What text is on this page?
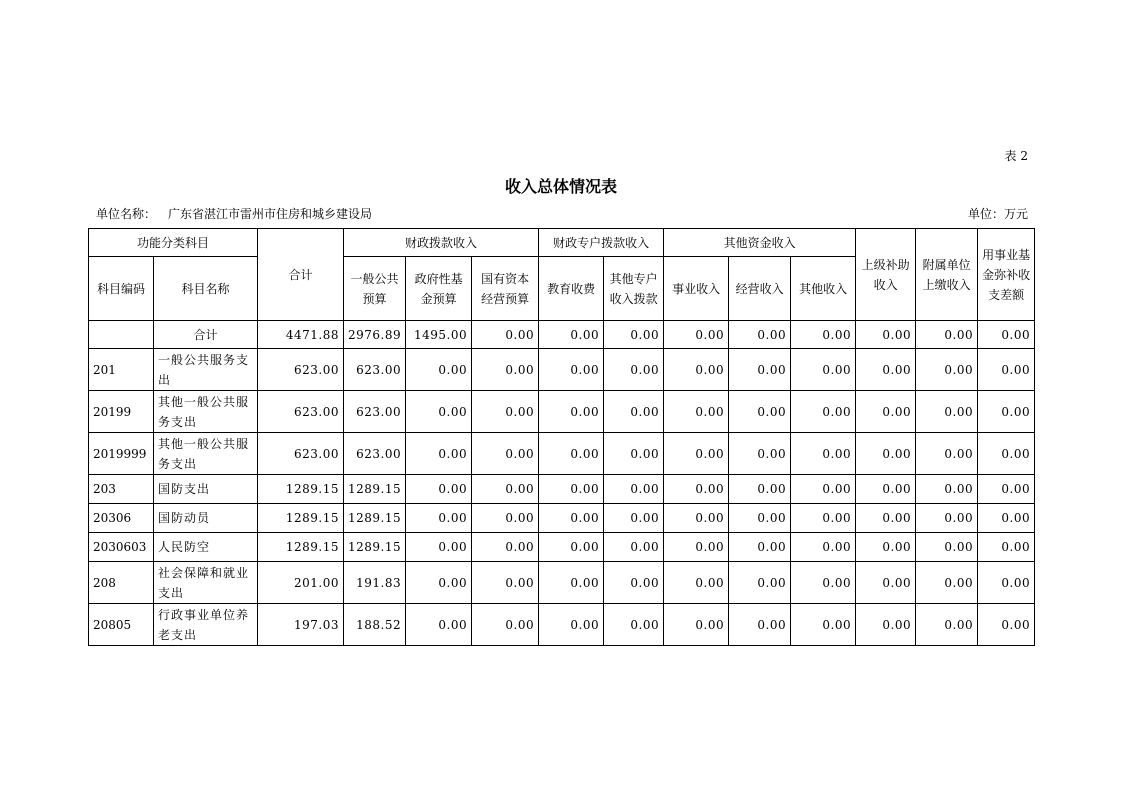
表 2
收入总体情况表
单位名称： 广东省湛江市雷州市住房和城乡建设局	单位：万元
功能分类科目		合计	财政拨款收入			财政专户拨款收入		其他资金收入			上级补助收入	附属单位上缴收入	用事业基金弥补收支差额
科目编码	科目名称		一般公共预算	政府性基金预算	国有资本经营预算	教育收费	其他专户收入拨款	事业收入	经营收入	其他收入			
	合计	4471.88	2976.89	1495.00	0.00	0.00	0.00	0.00	0.00	0.00	0.00	0.00	0.00
201	一般公共服务支出	623.00	623.00	0.00	0.00	0.00	0.00	0.00	0.00	0.00	0.00	0.00	0.00
20199	其他一般公共服务支出	623.00	623.00	0.00	0.00	0.00	0.00	0.00	0.00	0.00	0.00	0.00	0.00
2019999	其他一般公共服务支出	623.00	623.00	0.00	0.00	0.00	0.00	0.00	0.00	0.00	0.00	0.00	0.00
203	国防支出	1289.15	1289.15	0.00	0.00	0.00	0.00	0.00	0.00	0.00	0.00	0.00	0.00
20306	国防动员	1289.15	1289.15	0.00	0.00	0.00	0.00	0.00	0.00	0.00	0.00	0.00	0.00
2030603	人民防空	1289.15	1289.15	0.00	0.00	0.00	0.00	0.00	0.00	0.00	0.00	0.00	0.00
208	社会保障和就业支出	201.00	191.83	0.00	0.00	0.00	0.00	0.00	0.00	0.00	0.00	0.00	0.00
20805	行政事业单位养老支出	197.03	188.52	0.00	0.00	0.00	0.00	0.00	0.00	0.00	0.00	0.00	0.00
